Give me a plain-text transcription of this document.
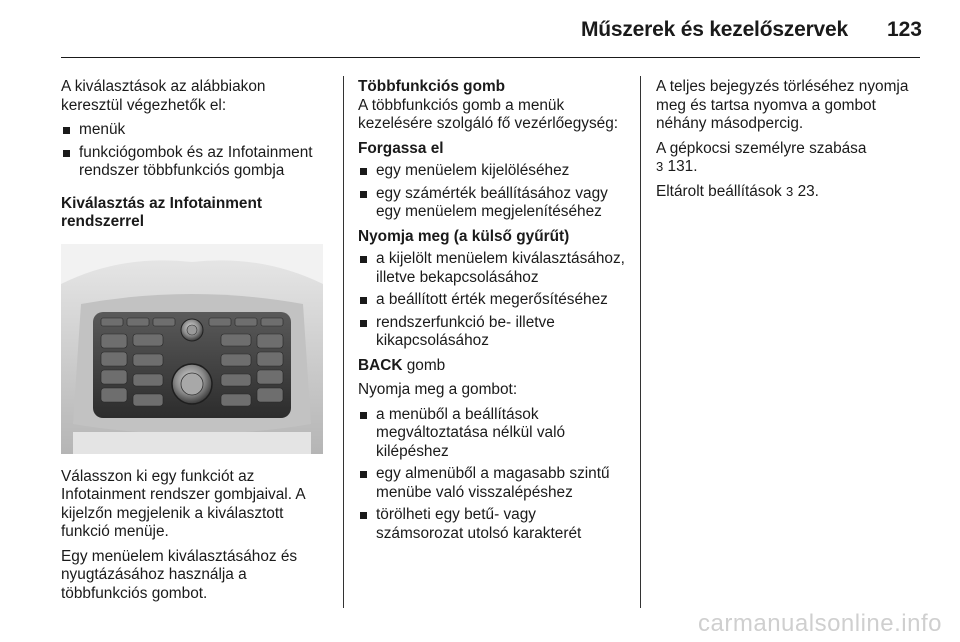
Műszerek és kezelőszervek 123

A kiválasztások az alábbiakon keresztül végezhetők el:

menük
funkciógombok és az Infotainment rendszer többfunkciós gombja

Kiválasztás az Infotainment rendszerrel

Válasszon ki egy funkciót az Infotainment rendszer gombjaival. A kijelzőn megjelenik a kiválasztott funkció menüje.

Egy menüelem kiválasztásához és nyugtázásához használja a többfunkciós gombot.

Többfunkciós gomb

A többfunkciós gomb a menük kezelésére szolgáló fő vezérlőegység:

Forgassa el

egy menüelem kijelöléséhez
egy számérték beállításához vagy egy menüelem megjelenítéséhez

Nyomja meg (a külső gyűrűt)

a kijelölt menüelem kiválasztásához, illetve bekapcsolásához
a beállított érték megerősítéséhez
rendszerfunkció be- illetve kikapcsolásához

BACK gomb

Nyomja meg a gombot:

a menüből a beállítások megváltoztatása nélkül való kilépéshez
egy almenüből a magasabb szintű menübe való visszalépéshez
törölheti egy betű- vagy számsorozat utolsó karakterét

A teljes bejegyzés törléséhez nyomja meg és tartsa nyomva a gombot néhány másodpercig.

A gépkocsi személyre szabása
3 131.

Eltárolt beállítások 3 23.

carmanualsonline.info
